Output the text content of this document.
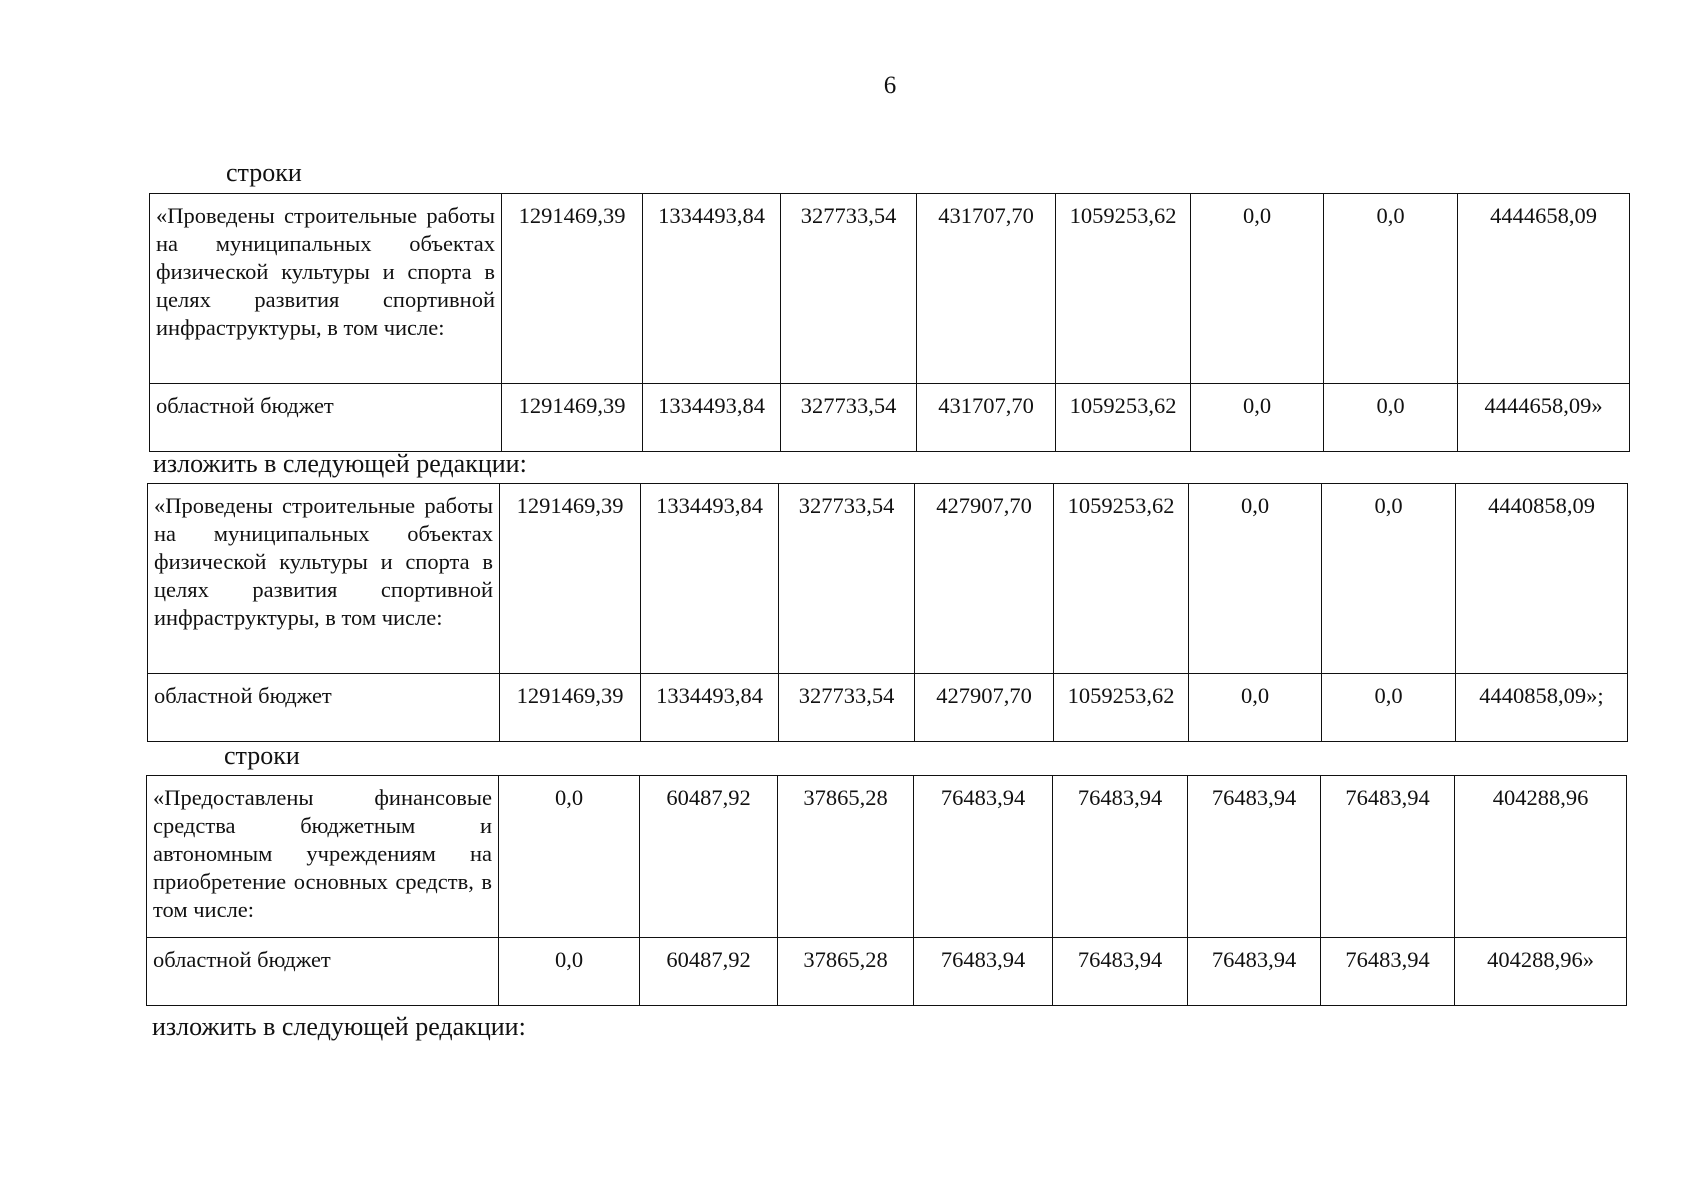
6
строки
«Проведены строительные работы на муниципальных объектах физической культуры и спорта в целях развития спортивной инфраструктуры, в том числе:	1291469,39	1334493,84	327733,54	431707,70	1059253,62	0,0	0,0	4444658,09
областной бюджет	1291469,39	1334493,84	327733,54	431707,70	1059253,62	0,0	0,0	4444658,09»
изложить в следующей редакции:
«Проведены строительные работы на муниципальных объектах физической культуры и спорта в целях развития спортивной инфраструктуры, в том числе:	1291469,39	1334493,84	327733,54	427907,70	1059253,62	0,0	0,0	4440858,09
областной бюджет	1291469,39	1334493,84	327733,54	427907,70	1059253,62	0,0	0,0	4440858,09»;
строки
«Предоставлены финансовые средства бюджетным и автономным учреждениям на приобретение основных средств, в том числе:	0,0	60487,92	37865,28	76483,94	76483,94	76483,94	76483,94	404288,96
областной бюджет	0,0	60487,92	37865,28	76483,94	76483,94	76483,94	76483,94	404288,96»
изложить в следующей редакции:
